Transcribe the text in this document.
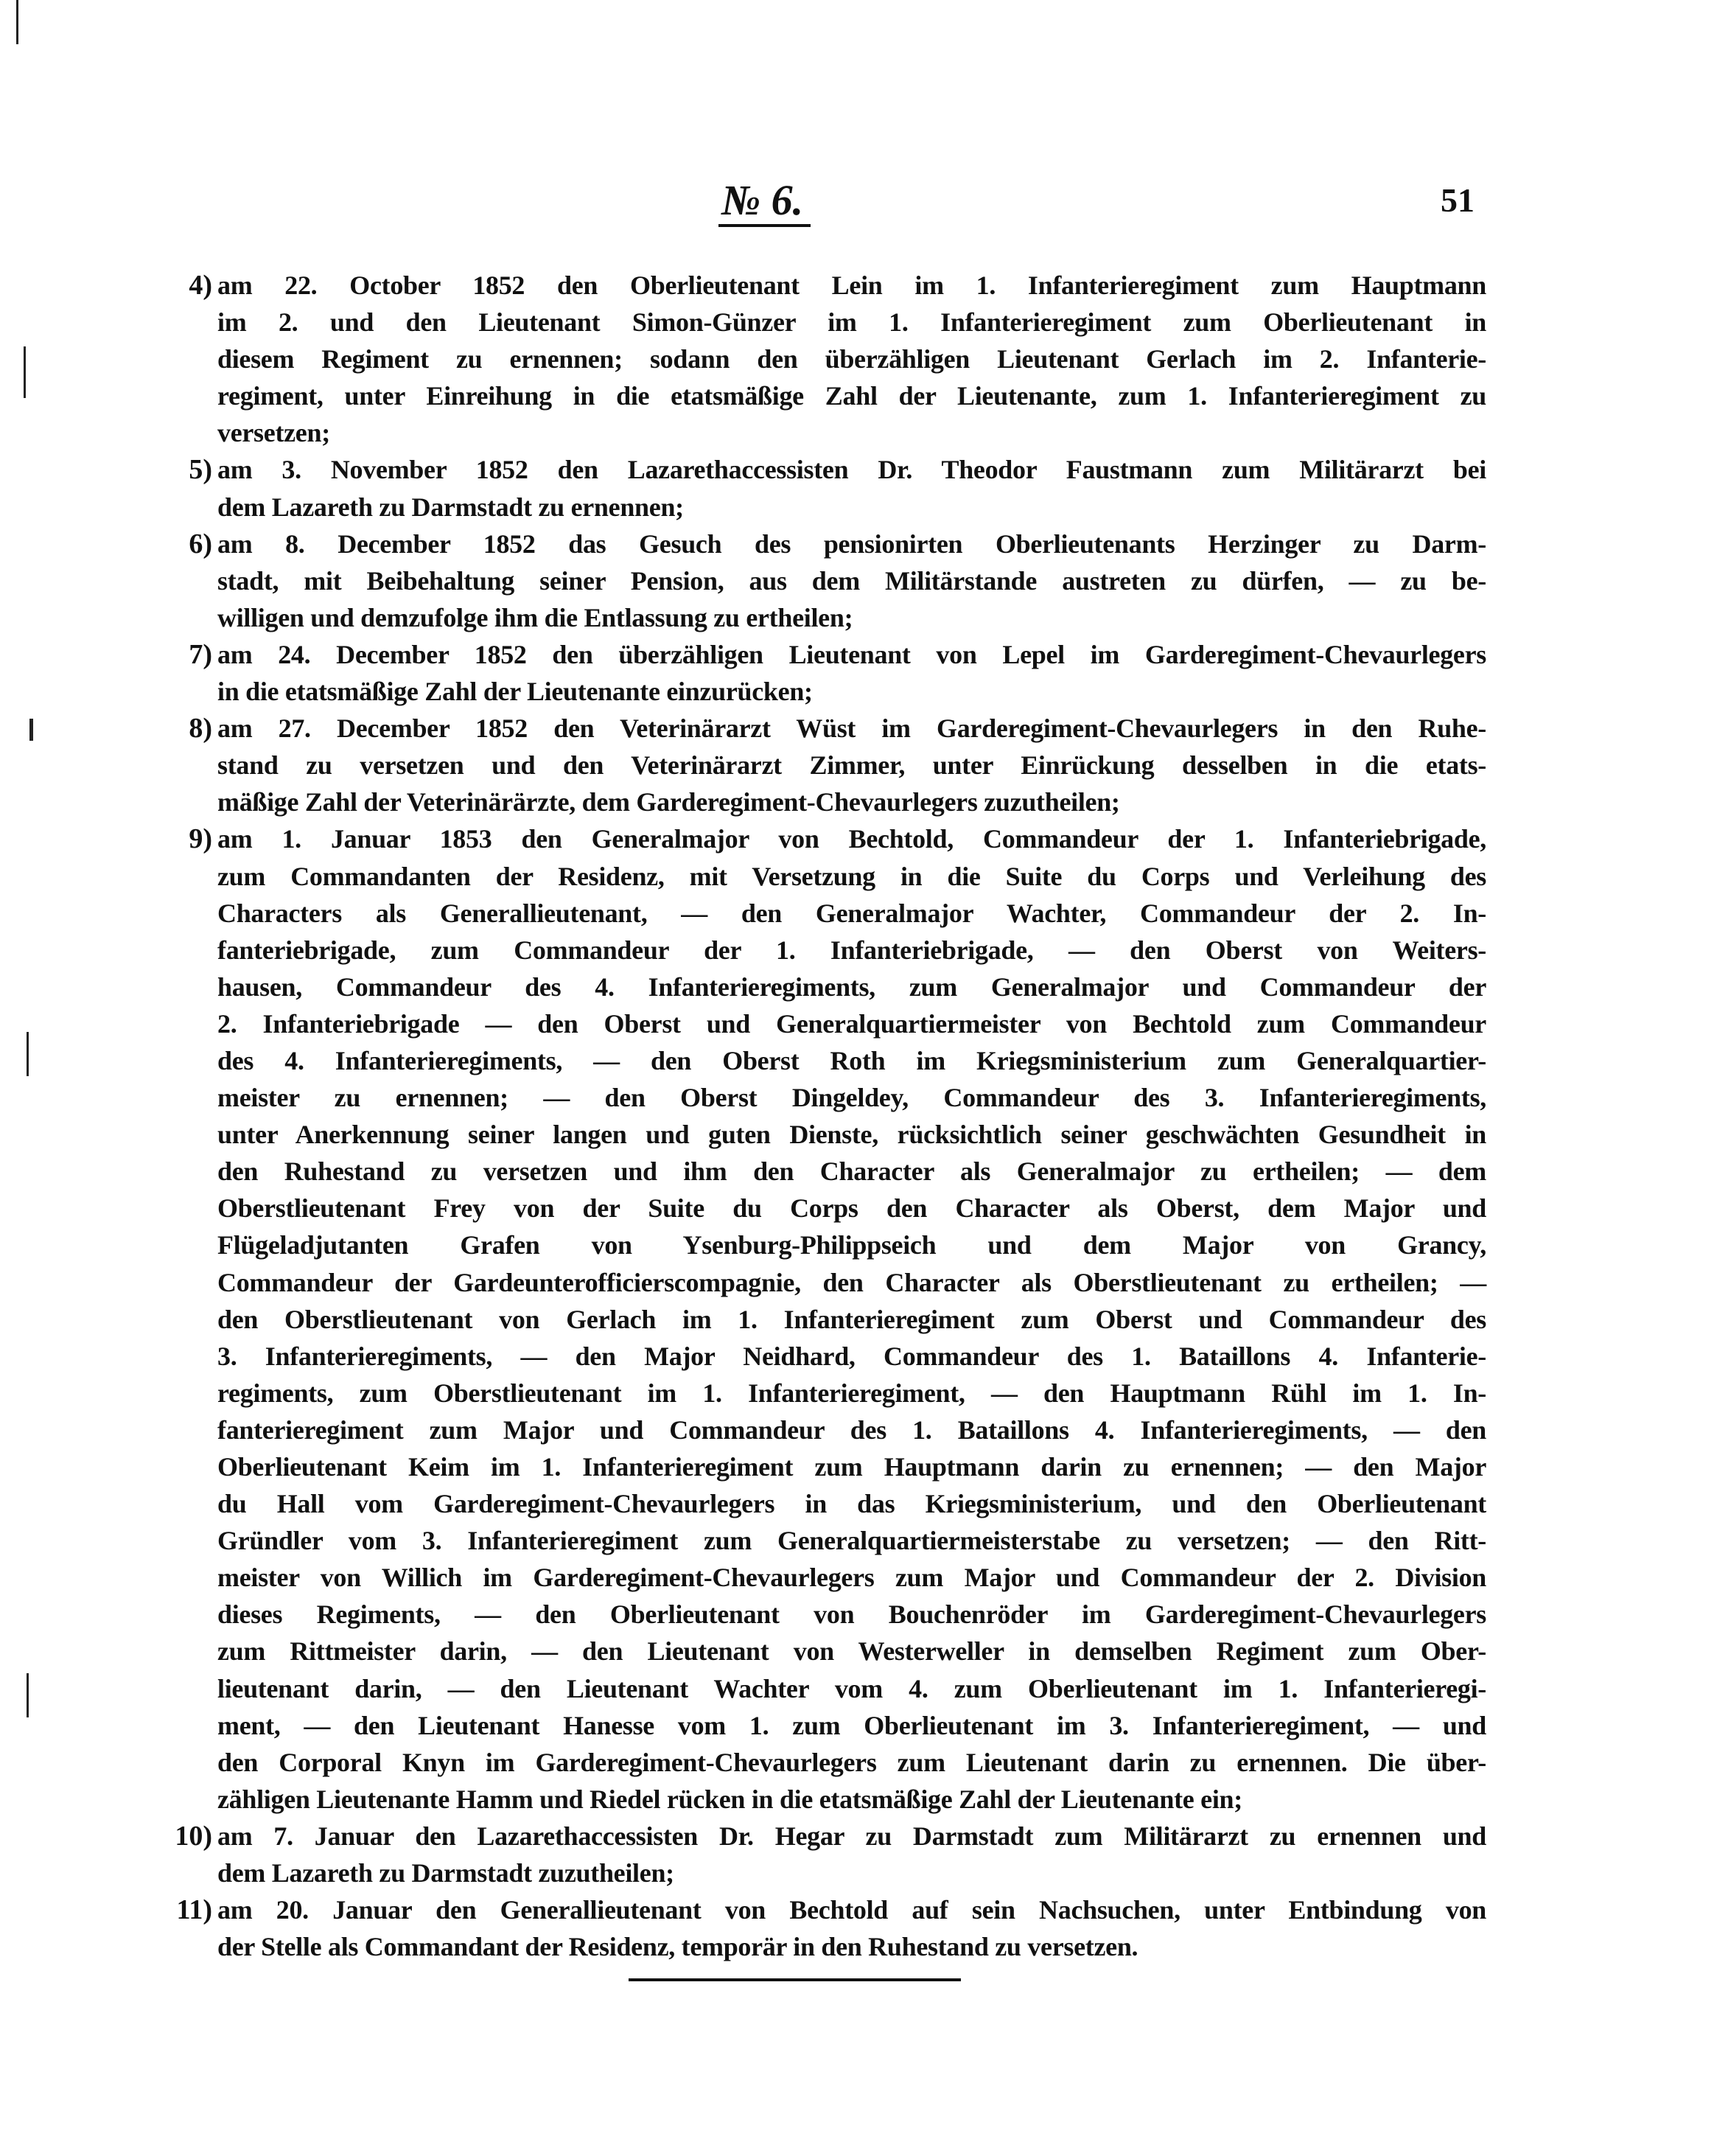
№ 6.	51
4) am 22. October 1852 den Oberlieutenant Lein im 1. Infanterieregiment zum Hauptmann
im 2. und den Lieutenant Simon-Günzer im 1. Infanterieregiment zum Oberlieutenant in
diesem Regiment zu ernennen; sodann den überzähligen Lieutenant Gerlach im 2. Infanterie-
regiment, unter Einreihung in die etatsmäßige Zahl der Lieutenante, zum 1. Infanterieregiment zu
versetzen;
5) am 3. November 1852 den Lazarethaccessisten Dr. Theodor Faustmann zum Militärarzt bei
dem Lazareth zu Darmstadt zu ernennen;
6) am 8. December 1852 das Gesuch des pensionirten Oberlieutenants Herzinger zu Darm-
stadt, mit Beibehaltung seiner Pension, aus dem Militärstande austreten zu dürfen, — zu be-
willigen und demzufolge ihm die Entlassung zu ertheilen;
7) am 24. December 1852 den überzähligen Lieutenant von Lepel im Garderegiment-Chevaurlegers
in die etatsmäßige Zahl der Lieutenante einzurücken;
8) am 27. December 1852 den Veterinärarzt Wüst im Garderegiment-Chevaurlegers in den Ruhe-
stand zu versetzen und den Veterinärarzt Zimmer, unter Einrückung desselben in die etats-
mäßige Zahl der Veterinärärzte, dem Garderegiment-Chevaurlegers zuzutheilen;
9) am 1. Januar 1853 den Generalmajor von Bechtold, Commandeur der 1. Infanteriebrigade,
zum Commandanten der Residenz, mit Versetzung in die Suite du Corps und Verleihung des
Characters als Generallieutenant, — den Generalmajor Wachter, Commandeur der 2. In-
fanteriebrigade, zum Commandeur der 1. Infanteriebrigade, — den Oberst von Weiters-
hausen, Commandeur des 4. Infanterieregiments, zum Generalmajor und Commandeur der
2. Infanteriebrigade — den Oberst und Generalquartiermeister von Bechtold zum Commandeur
des 4. Infanterieregiments, — den Oberst Roth im Kriegsministerium zum Generalquartier-
meister zu ernennen; — den Oberst Dingeldey, Commandeur des 3. Infanterieregiments,
unter Anerkennung seiner langen und guten Dienste, rücksichtlich seiner geschwächten Gesundheit in
den Ruhestand zu versetzen und ihm den Character als Generalmajor zu ertheilen; — dem
Oberstlieutenant Frey von der Suite du Corps den Character als Oberst, dem Major und
Flügeladjutanten Grafen von Ysenburg-Philippseich und dem Major von Grancy,
Commandeur der Gardeunterofficierscompagnie, den Character als Oberstlieutenant zu ertheilen; —
den Oberstlieutenant von Gerlach im 1. Infanterieregiment zum Oberst und Commandeur des
3. Infanterieregiments, — den Major Neidhard, Commandeur des 1. Bataillons 4. Infanterie-
regiments, zum Oberstlieutenant im 1. Infanterieregiment, — den Hauptmann Rühl im 1. In-
fanterieregiment zum Major und Commandeur des 1. Bataillons 4. Infanterieregiments, — den
Oberlieutenant Keim im 1. Infanterieregiment zum Hauptmann darin zu ernennen; — den Major
du Hall vom Garderegiment-Chevaurlegers in das Kriegsministerium, und den Oberlieutenant
Gründler vom 3. Infanterieregiment zum Generalquartiermeisterstabe zu versetzen; — den Ritt-
meister von Willich im Garderegiment-Chevaurlegers zum Major und Commandeur der 2. Division
dieses Regiments, — den Oberlieutenant von Bouchenröder im Garderegiment-Chevaurlegers
zum Rittmeister darin, — den Lieutenant von Westerweller in demselben Regiment zum Ober-
lieutenant darin, — den Lieutenant Wachter vom 4. zum Oberlieutenant im 1. Infanterieregi-
ment, — den Lieutenant Hanesse vom 1. zum Oberlieutenant im 3. Infanterieregiment, — und
den Corporal Knyn im Garderegiment-Chevaurlegers zum Lieutenant darin zu ernennen. Die über-
zähligen Lieutenante Hamm und Riedel rücken in die etatsmäßige Zahl der Lieutenante ein;
10) am 7. Januar den Lazarethaccessisten Dr. Hegar zu Darmstadt zum Militärarzt zu ernennen und
dem Lazareth zu Darmstadt zuzutheilen;
11) am 20. Januar den Generallieutenant von Bechtold auf sein Nachsuchen, unter Entbindung von
der Stelle als Commandant der Residenz, temporär in den Ruhestand zu versetzen.
